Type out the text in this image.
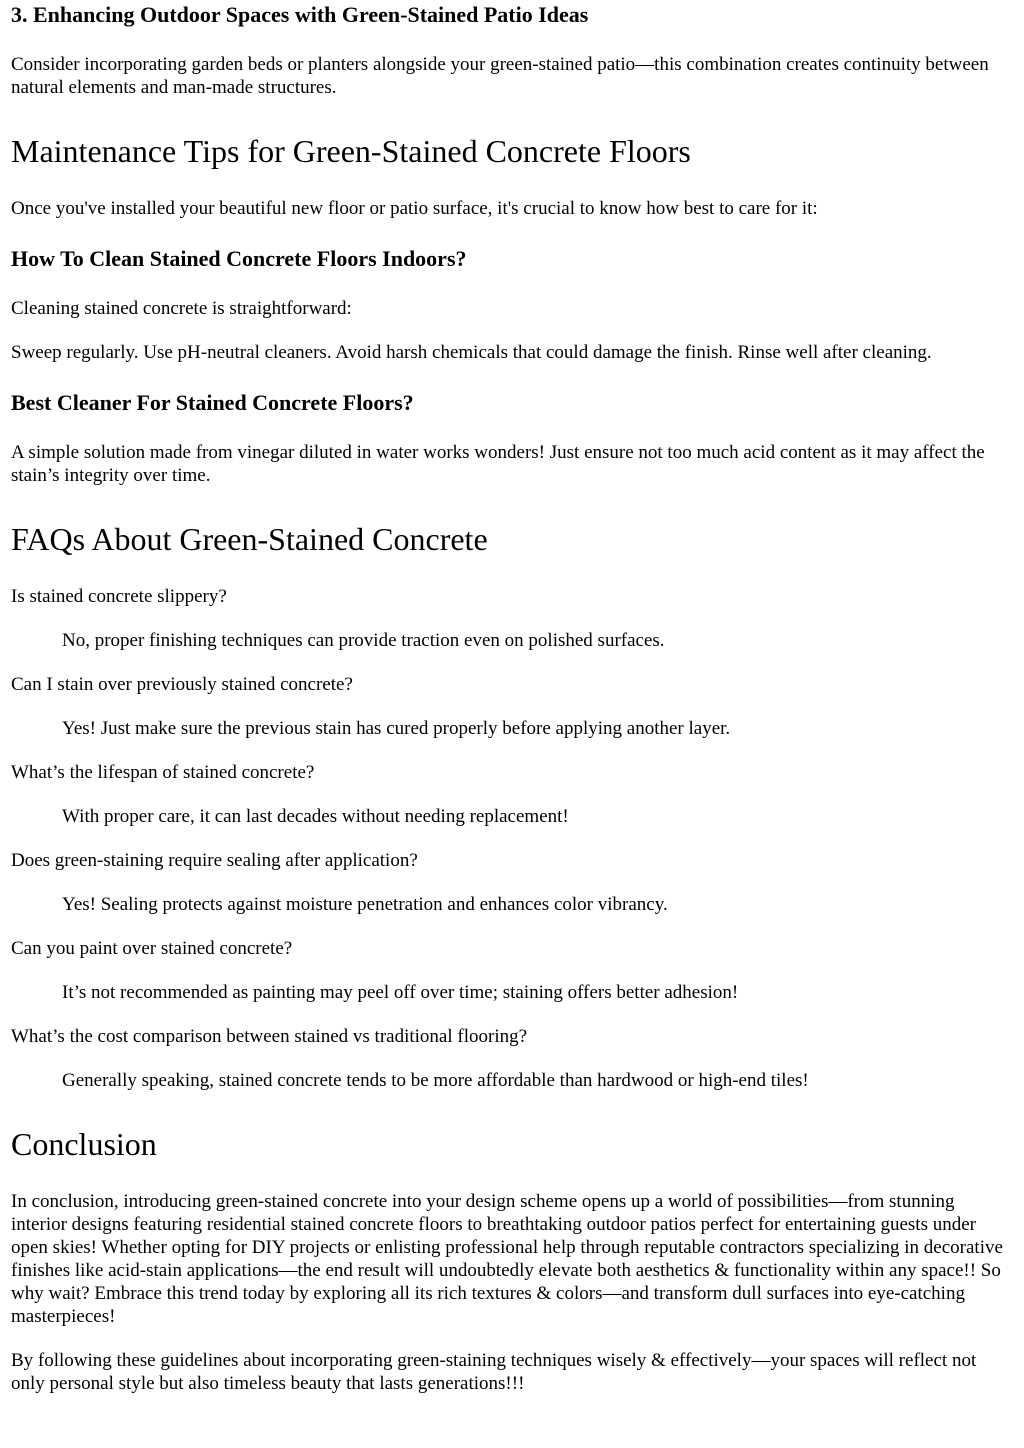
3. Enhancing Outdoor Spaces with Green-Stained Patio Ideas

Consider incorporating garden beds or planters alongside your green-stained patio—this combination creates continuity between natural elements and man-made structures.

Maintenance Tips for Green-Stained Concrete Floors

Once you've installed your beautiful new floor or patio surface, it's crucial to know how best to care for it:

How To Clean Stained Concrete Floors Indoors?

Cleaning stained concrete is straightforward:

Sweep regularly. Use pH-neutral cleaners. Avoid harsh chemicals that could damage the finish. Rinse well after cleaning.

Best Cleaner For Stained Concrete Floors?

A simple solution made from vinegar diluted in water works wonders! Just ensure not too much acid content as it may affect the stain’s integrity over time.

FAQs About Green-Stained Concrete

Is stained concrete slippery?

No, proper finishing techniques can provide traction even on polished surfaces.

Can I stain over previously stained concrete?

Yes! Just make sure the previous stain has cured properly before applying another layer.

What’s the lifespan of stained concrete?

With proper care, it can last decades without needing replacement!

Does green-staining require sealing after application?

Yes! Sealing protects against moisture penetration and enhances color vibrancy.

Can you paint over stained concrete?

It’s not recommended as painting may peel off over time; staining offers better adhesion!

What’s the cost comparison between stained vs traditional flooring?

Generally speaking, stained concrete tends to be more affordable than hardwood or high-end tiles!

Conclusion

In conclusion, introducing green-stained concrete into your design scheme opens up a world of possibilities—from stunning interior designs featuring residential stained concrete floors to breathtaking outdoor patios perfect for entertaining guests under open skies! Whether opting for DIY projects or enlisting professional help through reputable contractors specializing in decorative finishes like acid-stain applications—the end result will undoubtedly elevate both aesthetics & functionality within any space!! So why wait? Embrace this trend today by exploring all its rich textures & colors—and transform dull surfaces into eye-catching masterpieces!

By following these guidelines about incorporating green-staining techniques wisely & effectively—your spaces will reflect not only personal style but also timeless beauty that lasts generations!!!
